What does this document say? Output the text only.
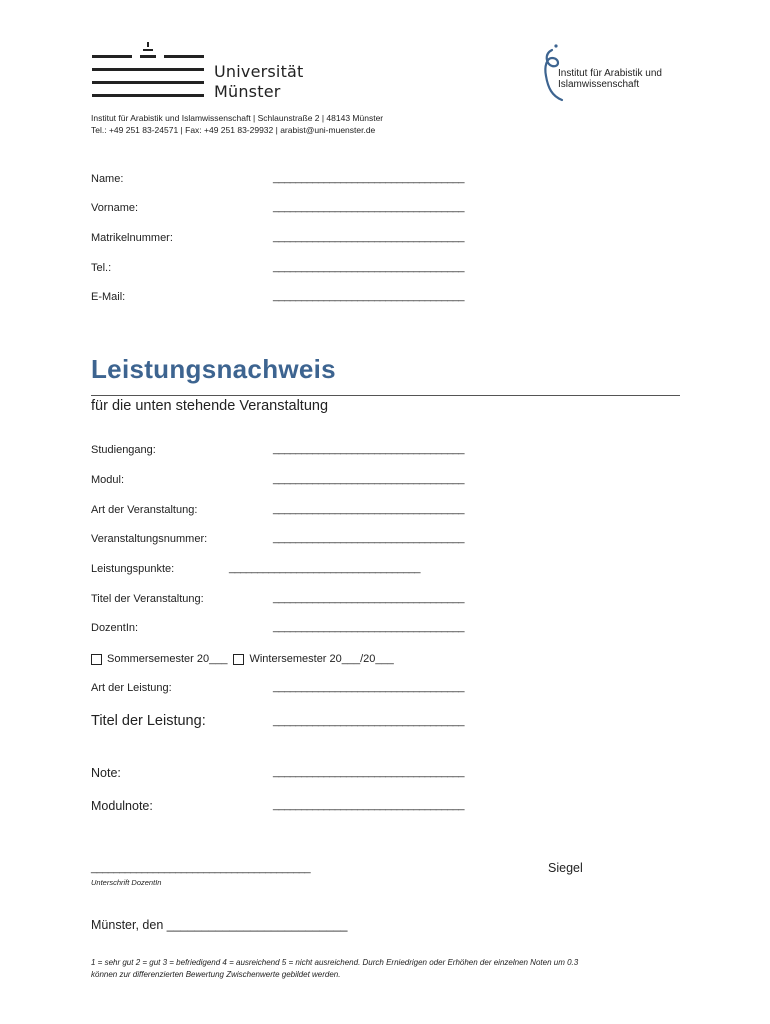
Universität
Münster
Institut für Arabistik und
Islamwissenschaft
Institut für Arabistik und Islamwissenschaft | Schlaunstraße 2 | 48143 Münster
Tel.: +49 251 83-24571 | Fax: +49 251 83-29932 | arabist@uni-muenster.de
Name:	__________________________________
Vorname:	__________________________________
Matrikelnummer:	__________________________________
Tel.:	__________________________________
E-Mail:	__________________________________
Leistungsnachweis
für die unten stehende Veranstaltung
Studiengang:	__________________________________
Modul:	__________________________________
Art der Veranstaltung:	__________________________________
Veranstaltungsnummer:	__________________________________
Leistungspunkte:	__________________________________
Titel der Veranstaltung:	__________________________________
DozentIn:	__________________________________
Sommersemester 20___ Wintersemester 20___/20___
Art der Leistung:	__________________________________
Titel der Leistung:	__________________________________
Note:	__________________________________
Modulnote:	__________________________________
_______________________________________
Unterschrift DozentIn
Siegel
Münster, den __________________________
1 = sehr gut 2 = gut 3 = befriedigend 4 = ausreichend 5 = nicht ausreichend. Durch Erniedrigen oder Erhöhen der einzelnen Noten um 0.3
können zur differenzierten Bewertung Zwischenwerte gebildet werden.
